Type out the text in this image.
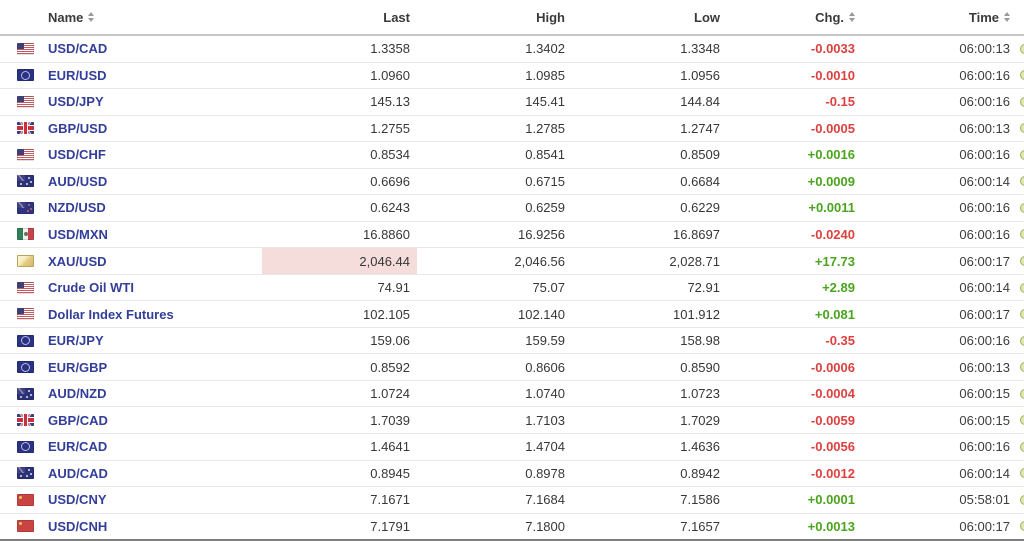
Name	Last	High	Low	Chg.	Time
USD/CAD	1.3358	1.3402	1.3348	-0.0033	06:00:13
EUR/USD	1.0960	1.0985	1.0956	-0.0010	06:00:16
USD/JPY	145.13	145.41	144.84	-0.15	06:00:16
GBP/USD	1.2755	1.2785	1.2747	-0.0005	06:00:13
USD/CHF	0.8534	0.8541	0.8509	+0.0016	06:00:16
AUD/USD	0.6696	0.6715	0.6684	+0.0009	06:00:14
NZD/USD	0.6243	0.6259	0.6229	+0.0011	06:00:16
USD/MXN	16.8860	16.9256	16.8697	-0.0240	06:00:16
XAU/USD	2,046.44	2,046.56	2,028.71	+17.73	06:00:17
Crude Oil WTI	74.91	75.07	72.91	+2.89	06:00:14
Dollar Index Futures	102.105	102.140	101.912	+0.081	06:00:17
EUR/JPY	159.06	159.59	158.98	-0.35	06:00:16
EUR/GBP	0.8592	0.8606	0.8590	-0.0006	06:00:13
AUD/NZD	1.0724	1.0740	1.0723	-0.0004	06:00:15
GBP/CAD	1.7039	1.7103	1.7029	-0.0059	06:00:15
EUR/CAD	1.4641	1.4704	1.4636	-0.0056	06:00:16
AUD/CAD	0.8945	0.8978	0.8942	-0.0012	06:00:14
USD/CNY	7.1671	7.1684	7.1586	+0.0001	05:58:01
USD/CNH	7.1791	7.1800	7.1657	+0.0013	06:00:17
